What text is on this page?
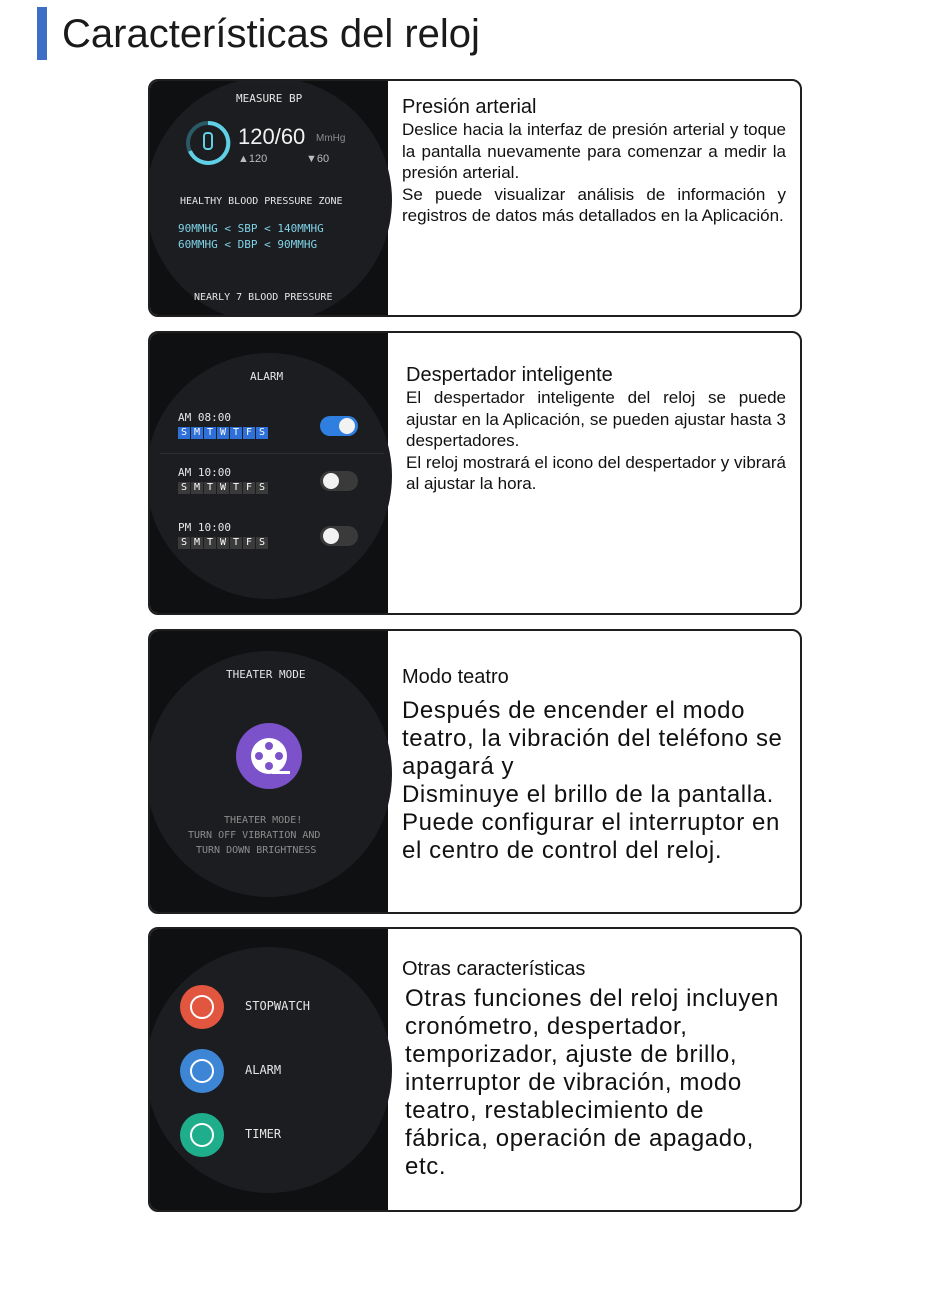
Características del reloj
MEASURE BP
120/60 MmHg
▲120	▼60
HEALTHY BLOOD PRESSURE ZONE
90MMHG < SBP < 140MMHG
60MMHG < DBP < 90MMHG
NEARLY 7 BLOOD PRESSURE
Presión arterial
Deslice hacia la interfaz de presión arterial y toque la pantalla nuevamente para comenzar a medir la presión arterial.
Se puede visualizar análisis de información y registros de datos más detallados en la Aplicación.
ALARM
AM 08:00
S M T W T F S
AM 10:00
S M T W T F S
PM 10:00
S M T W T F S
Despertador inteligente
El despertador inteligente del reloj se puede ajustar en la Aplicación, se pueden ajustar hasta 3 despertadores.
El reloj mostrará el icono del despertador y vibrará al ajustar la hora.
THEATER MODE
THEATER MODE!
TURN OFF VIBRATION AND
TURN DOWN BRIGHTNESS
Modo teatro
Después de encender el modo teatro, la vibración del teléfono se apagará y
Disminuye el brillo de la pantalla.
Puede configurar el interruptor en el centro de control del reloj.
STOPWATCH
ALARM
TIMER
Otras características
Otras funciones del reloj incluyen cronómetro, despertador, temporizador, ajuste de brillo, interruptor de vibración, modo teatro, restablecimiento de fábrica, operación de apagado, etc.
